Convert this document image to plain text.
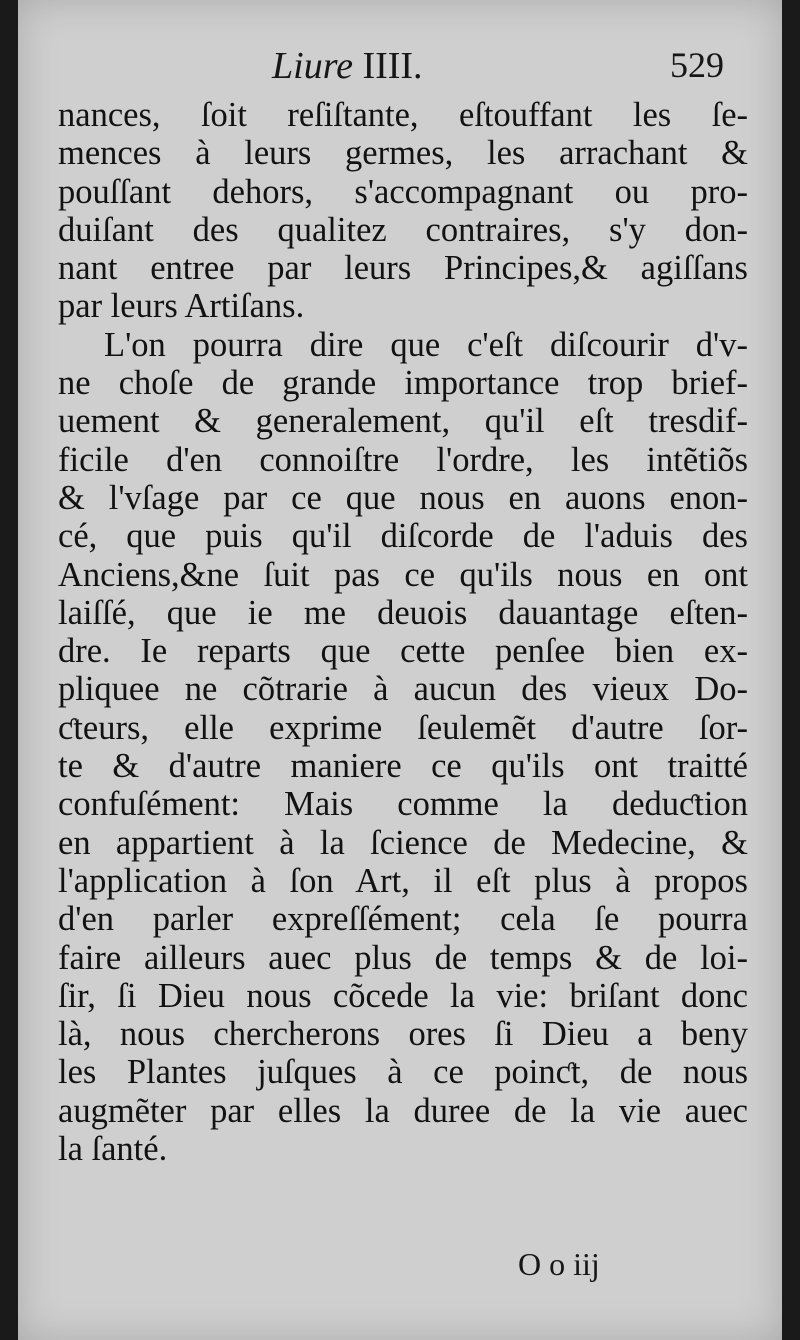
Liure IIII.	529
nances, ſoit reſiſtante, eſtouffant les ſe-
mences à leurs germes, les arrachant &
pouſſant dehors, s'accompagnant ou pro-
duiſant des qualitez contraires, s'y don-
nant entree par leurs Principes,& agiſſans
par leurs Artiſans.
L'on pourra dire que c'eſt diſcourir d'v-
ne choſe de grande importance trop brief-
uement & generalement, qu'il eſt tresdif-
ficile d'en connoiſtre l'ordre, les intẽtiõs
& l'vſage par ce que nous en auons enon-
cé, que puis qu'il diſcorde de l'aduis des
Anciens,&ne ſuit pas ce qu'ils nous en ont
laiſſé, que ie me deuois dauantage eſten-
dre. Ie reparts que cette penſee bien ex-
pliquee ne cõtrarie à aucun des vieux Do-
ƈteurs, elle exprime ſeulemẽt d'autre ſor-
te & d'autre maniere ce qu'ils ont traitté
confuſément: Mais comme la deduƈtion
en appartient à la ſcience de Medecine, &
l'application à ſon Art, il eſt plus à propos
d'en parler expreſſément; cela ſe pourra
faire ailleurs auec plus de temps & de loi-
ſir, ſi Dieu nous cõcede la vie: briſant donc
là, nous chercherons ores ſi Dieu a beny
les Plantes juſques à ce poinƈt, de nous
augmẽter par elles la duree de la vie auec
la ſanté.
O o iij
